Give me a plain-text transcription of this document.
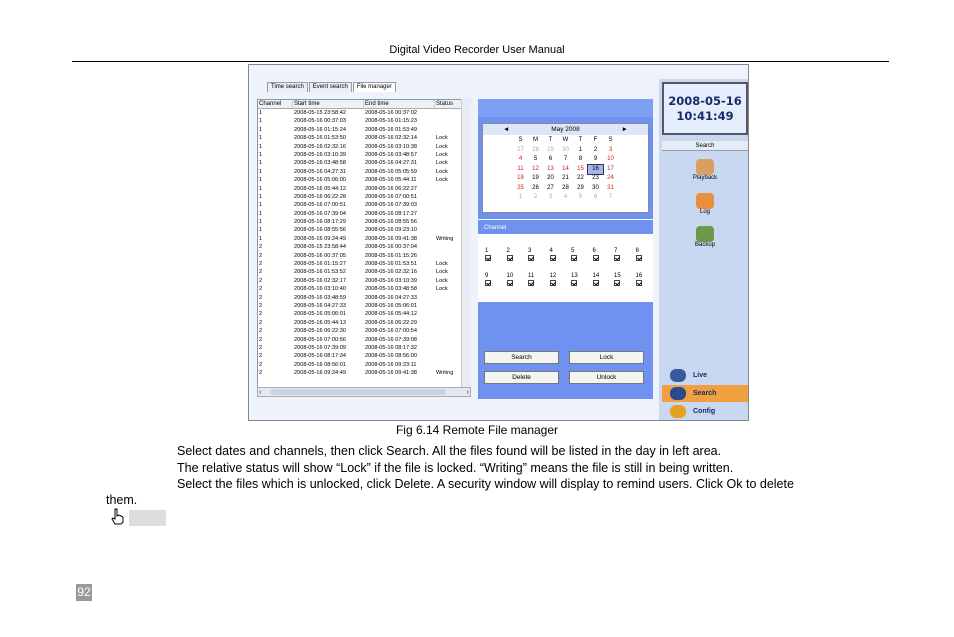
Digital Video Recorder User Manual
Time search	Event search	File manager
Channel	Start time	End time	Status
1	2008-05-15 23:58:42	2008-05-16 00:37:02
1	2008-05-16 00:37:03	2008-05-16 01:15:23
1	2008-05-16 01:15:24	2008-05-16 01:53:49
1	2008-05-16 01:53:50	2008-05-16 02:32:14	Lock
1	2008-05-16 02:32:16	2008-05-16 03:10:38	Lock
1	2008-05-16 03:10:39	2008-05-16 03:48:57	Lock
1	2008-05-16 03:48:58	2008-05-16 04:27:31	Lock
1	2008-05-16 04:27:31	2008-05-16 05:05:59	Lock
1	2008-05-16 05:06:00	2008-05-16 05:44:11	Lock
1	2008-05-16 05:44:12	2008-05-16 06:22:27
1	2008-05-16 06:22:28	2008-05-16 07:00:51
1	2008-05-16 07:00:51	2008-05-16 07:39:03
1	2008-05-16 07:39:04	2008-05-16 08:17:27
1	2008-05-16 08:17:29	2008-05-16 08:55:56
1	2008-05-16 08:55:56	2008-05-16 09:23:10
1	2008-05-16 09:24:49	2008-05-16 09:41:38	Writing
2	2008-05-15 23:58:44	2008-05-16 00:37:04
2	2008-05-16 00:37:05	2008-05-16 01:15:26
2	2008-05-16 01:15:27	2008-05-16 01:53:51	Lock
2	2008-05-16 01:53:52	2008-05-16 02:32:16	Lock
2	2008-05-16 02:32:17	2008-05-16 03:10:39	Lock
2	2008-05-16 03:10:40	2008-05-16 03:48:58	Lock
2	2008-05-16 03:48:59	2008-05-16 04:27:33
2	2008-05-16 04:27:33	2008-05-16 05:06:01
2	2008-05-16 05:06:01	2008-05-16 05:44:12
2	2008-05-16 05:44:13	2008-05-16 06:22:29
2	2008-05-16 06:22:30	2008-05-16 07:00:54
2	2008-05-16 07:00:56	2008-05-16 07:39:08
2	2008-05-16 07:39:09	2008-05-16 08:17:32
2	2008-05-16 08:17:34	2008-05-16 08:56:00
2	2008-05-16 08:56:01	2008-05-16 09:23:11
2	2008-05-16 09:24:49	2008-05-16 09:41:38	Writing
‹	›
◄	May 2008	►
S	M	T	W	T	F	S
27	28	29	30	1	2	3
4	5	6	7	8	9	10
11	12	13	14	15	16	17
18	19	20	21	22	23	24
25	26	27	28	29	30	31
1	2	3	4	5	6	7
Channel
1	2	3	4	5	6	7	8
9	10	11	12	13	14	15	16
Search	Lock
Delete	Unlock
2008-05-16
10:41:49
Search
Playback
Log
Backup
Live
Search
Config
Fig 6.14 Remote File manager
Select dates and channels, then click Search. All the files found will be listed in the day in left area.
The relative status will show “Lock” if the file is locked. “Writing” means the file is still in being written.
Select the files which is unlocked, click Delete. A security window will display to remind users. Click Ok to delete
them.
92
